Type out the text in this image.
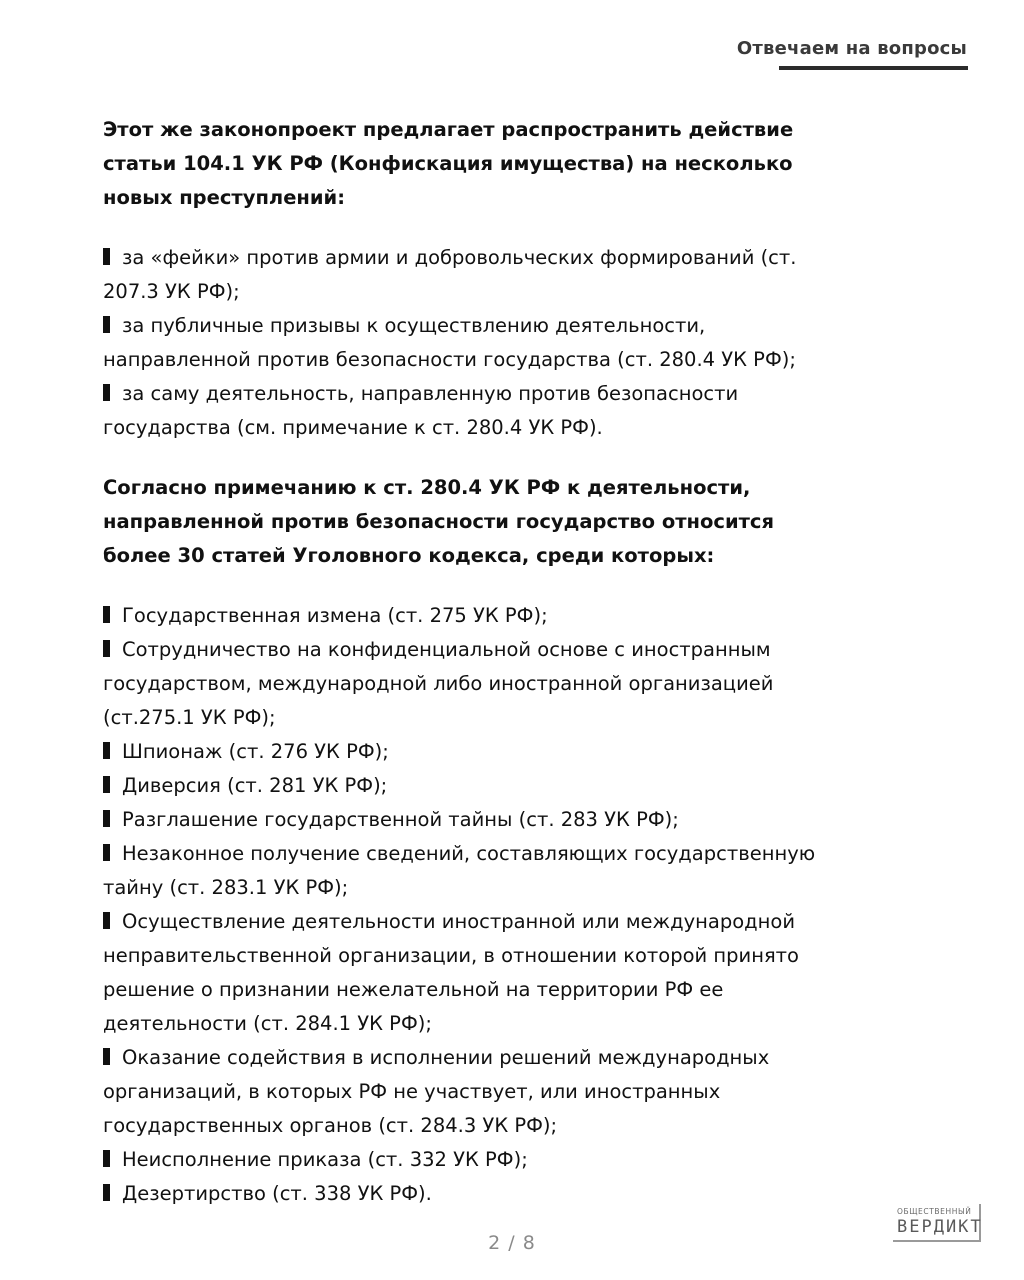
Отвечаем на вопросы

Этот же законопроект предлагает распространить действие статьи 104.1 УК РФ (Конфискация имущества) на несколько новых преступлений:

за «фейки» против армии и добровольческих формирований (ст. 207.3 УК РФ);
за публичные призывы к осуществлению деятельности, направленной против безопасности государства (ст. 280.4 УК РФ);
за саму деятельность, направленную против безопасности государства (см. примечание к ст. 280.4 УК РФ).

Согласно примечанию к ст. 280.4 УК РФ к деятельности, направленной против безопасности государство относится более 30 статей Уголовного кодекса, среди которых:

Государственная измена (ст. 275 УК РФ);
Сотрудничество на конфиденциальной основе с иностранным государством, международной либо иностранной организацией (ст.275.1 УК РФ);
Шпионаж (ст. 276 УК РФ);
Диверсия (ст. 281 УК РФ);
Разглашение государственной тайны (ст. 283 УК РФ);
Незаконное получение сведений, составляющих государственную тайну (ст. 283.1 УК РФ);
Осуществление деятельности иностранной или международной неправительственной организации, в отношении которой принято решение о признании нежелательной на территории РФ ее деятельности (ст. 284.1 УК РФ);
Оказание содействия в исполнении решений международных организаций, в которых РФ не участвует, или иностранных государственных органов (ст. 284.3 УК РФ);
Неисполнение приказа (ст. 332 УК РФ);
Дезертирство (ст. 338 УК РФ).
2 / 8
ОБЩЕСТВЕННЫЙ
ВЕРДИКТ
